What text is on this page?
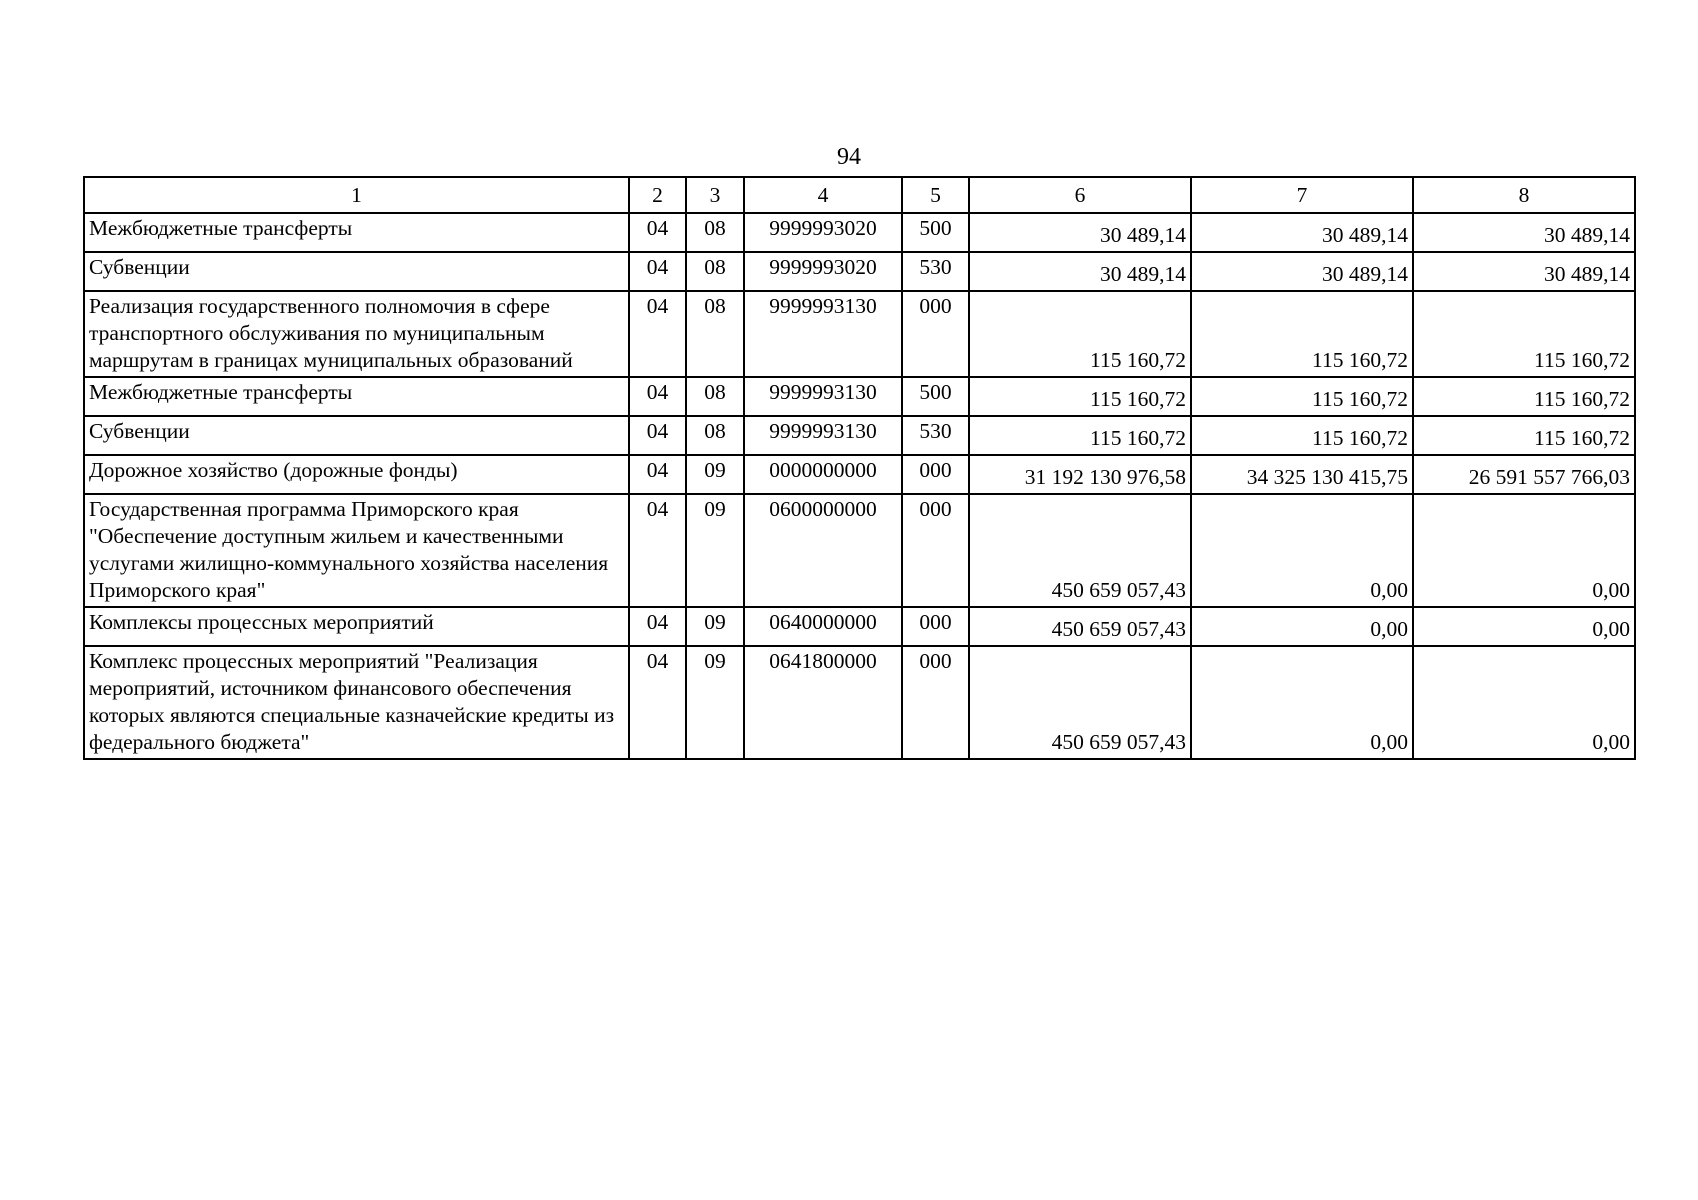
94
1	2	3	4	5	6	7	8
Межбюджетные трансферты	04	08	9999993020	500	30 489,14	30 489,14	30 489,14
Субвенции	04	08	9999993020	530	30 489,14	30 489,14	30 489,14
Реализация государственного полномочия в сфере транспортного обслуживания по муниципальным маршрутам в границах муниципальных образований	04	08	9999993130	000	115 160,72	115 160,72	115 160,72
Межбюджетные трансферты	04	08	9999993130	500	115 160,72	115 160,72	115 160,72
Субвенции	04	08	9999993130	530	115 160,72	115 160,72	115 160,72
Дорожное хозяйство (дорожные фонды)	04	09	0000000000	000	31 192 130 976,58	34 325 130 415,75	26 591 557 766,03
Государственная программа Приморского края "Обеспечение доступным жильем и качественными услугами жилищно-коммунального хозяйства населения Приморского края"	04	09	0600000000	000	450 659 057,43	0,00	0,00
Комплексы процессных мероприятий	04	09	0640000000	000	450 659 057,43	0,00	0,00
Комплекс процессных мероприятий "Реализация мероприятий, источником финансового обеспечения которых являются специальные казначейские кредиты из федерального бюджета"	04	09	0641800000	000	450 659 057,43	0,00	0,00
